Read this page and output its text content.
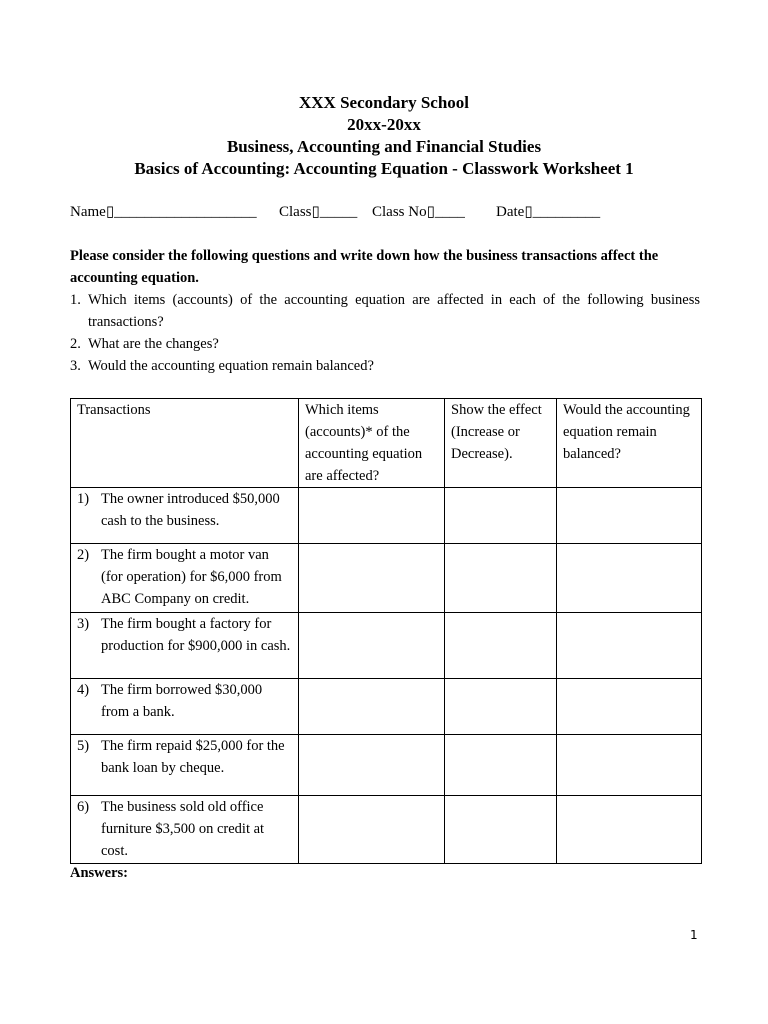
XXX Secondary School
20xx-20xx
Business, Accounting and Financial Studies
Basics of Accounting: Accounting Equation - Classwork Worksheet 1
Name▯___________________ Class▯_____ Class No▯____ Date▯_________
Please consider the following questions and write down how the business transactions affect the accounting equation.
1. Which items (accounts) of the accounting equation are affected in each of the following business transactions?
2. What are the changes?
3. Would the accounting equation remain balanced?
Transactions	Which items (accounts)* of the accounting equation are affected?	Show the effect (Increase or Decrease).	Would the accounting equation remain balanced?

1) The owner introduced $50,000 cash to the business.			

2) The firm bought a motor van (for operation) for $6,000 from ABC Company on credit.			

3) The firm bought a factory for production for $900,000 in cash.			

4) The firm borrowed $30,000 from a bank.			

5) The firm repaid $25,000 for the bank loan by cheque.			

6) The business sold old office furniture $3,500 on credit at cost.			

Answers:
1
